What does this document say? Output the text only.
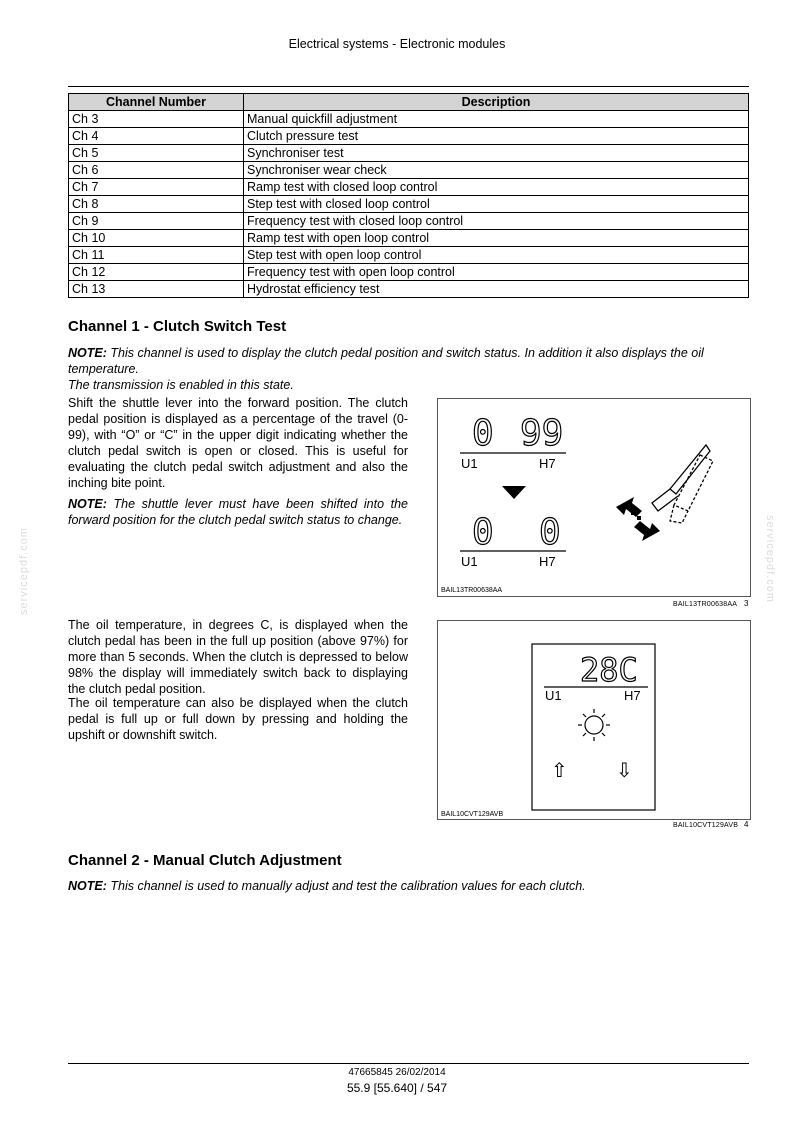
Electrical systems - Electronic modules
Channel Number	Description
Ch 3	Manual quickfill adjustment
Ch 4	Clutch pressure test
Ch 5	Synchroniser test
Ch 6	Synchroniser wear check
Ch 7	Ramp test with closed loop control
Ch 8	Step test with closed loop control
Ch 9	Frequency test with closed loop control
Ch 10	Ramp test with open loop control
Ch 11	Step test with open loop control
Ch 12	Frequency test with open loop control
Ch 13	Hydrostat efficiency test
Channel 1 - Clutch Switch Test
NOTE: This channel is used to display the clutch pedal position and switch status. In addition it also displays the oil temperature.
The transmission is enabled in this state.
Shift the shuttle lever into the forward position. The clutch pedal position is displayed as a percentage of the travel (0-99), with “O” or “C” in the upper digit indicating whether the clutch pedal switch is open or closed. This is useful for evaluating the clutch pedal switch adjustment and also the inching bite point.
NOTE: The shuttle lever must have been shifted into the forward position for the clutch pedal switch status to change.
The oil temperature, in degrees C, is displayed when the clutch pedal has been in the full up position (above 97%) for more than 5 seconds. When the clutch is depressed to below 98% the display will immediately switch back to displaying the clutch pedal position.
The oil temperature can also be displayed when the clutch pedal is full up or full down by pressing and holding the upshift or downshift switch.
0 99
U1	H7
0 0
U1	H7
BAIL13TR00638AA
BAIL13TR00638AA 3
28C
U1	H7
⇧ ⇩
BAIL10CVT129AVB
BAIL10CVT129AVB 4
Channel 2 - Manual Clutch Adjustment
NOTE: This channel is used to manually adjust and test the calibration values for each clutch.
servicepdf.com	servicepdf.com
47665845 26/02/2014
55.9 [55.640] / 547
